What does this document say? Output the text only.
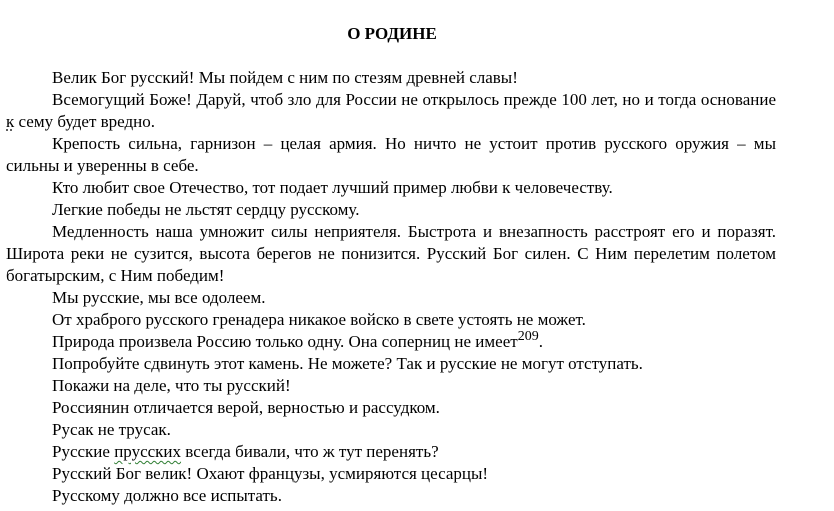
О РОДИНЕ

Велик Бог русский! Мы пойдем с ним по стезям древней славы!

Всемогущий Боже! Даруй, чтоб зло для России не открылось прежде 100 лет, но и тогда основание к сему будет вредно.

Крепость сильна, гарнизон – целая армия. Но ничто не устоит против русского оружия – мы сильны и уверенны в себе.

Кто любит свое Отечество, тот подает лучший пример любви к человечеству.

Легкие победы не льстят сердцу русскому.

Медленность наша умножит силы неприятеля. Быстрота и внезапность расстроят его и поразят. Широта реки не сузится, высота берегов не понизится. Русский Бог силен. С Ним перелетим полетом богатырским, с Ним победим!

Мы русские, мы все одолеем.

От храброго русского гренадера никакое войско в свете устоять не может.

Природа произвела Россию только одну. Она соперниц не имеет$^{209}$.

Попробуйте сдвинуть этот камень. Не можете? Так и русские не могут отступать.

Покажи на деле, что ты русский!

Россиянин отличается верой, верностью и рассудком.

Русак не трусак.

Русские прусских всегда бивали, что ж тут перенять?

Русский Бог велик! Охают французы, усмиряются цесарцы!

Русскому должно все испытать.
